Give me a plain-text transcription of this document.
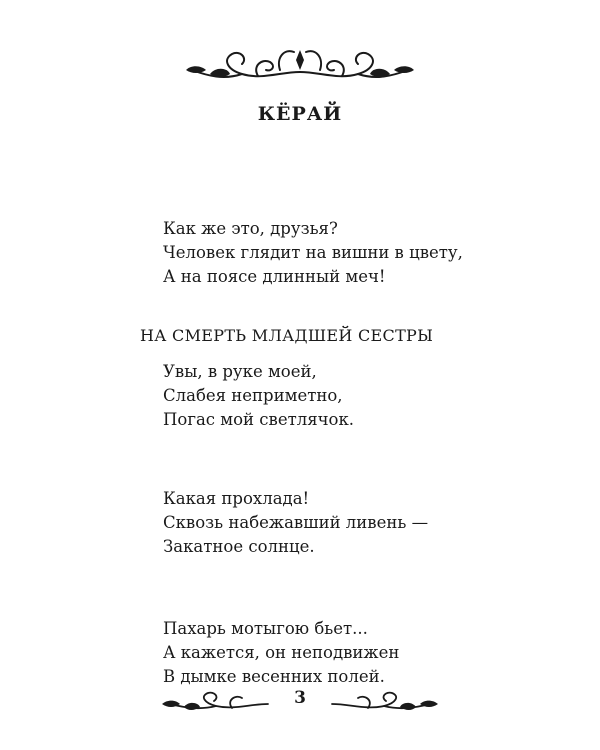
КЁРАЙ
Как же это, друзья?
Человек глядит на вишни в цвету,
А на поясе длинный меч!
НА СМЕРТЬ МЛАДШЕЙ СЕСТРЫ
Увы, в руке моей,
Слабея неприметно,
Погас мой светлячок.
Какая прохлада!
Сквозь набежавший ливень —
Закатное солнце.
Пахарь мотыгою бьет...
А кажется, он неподвижен
В дымке весенних полей.

3
